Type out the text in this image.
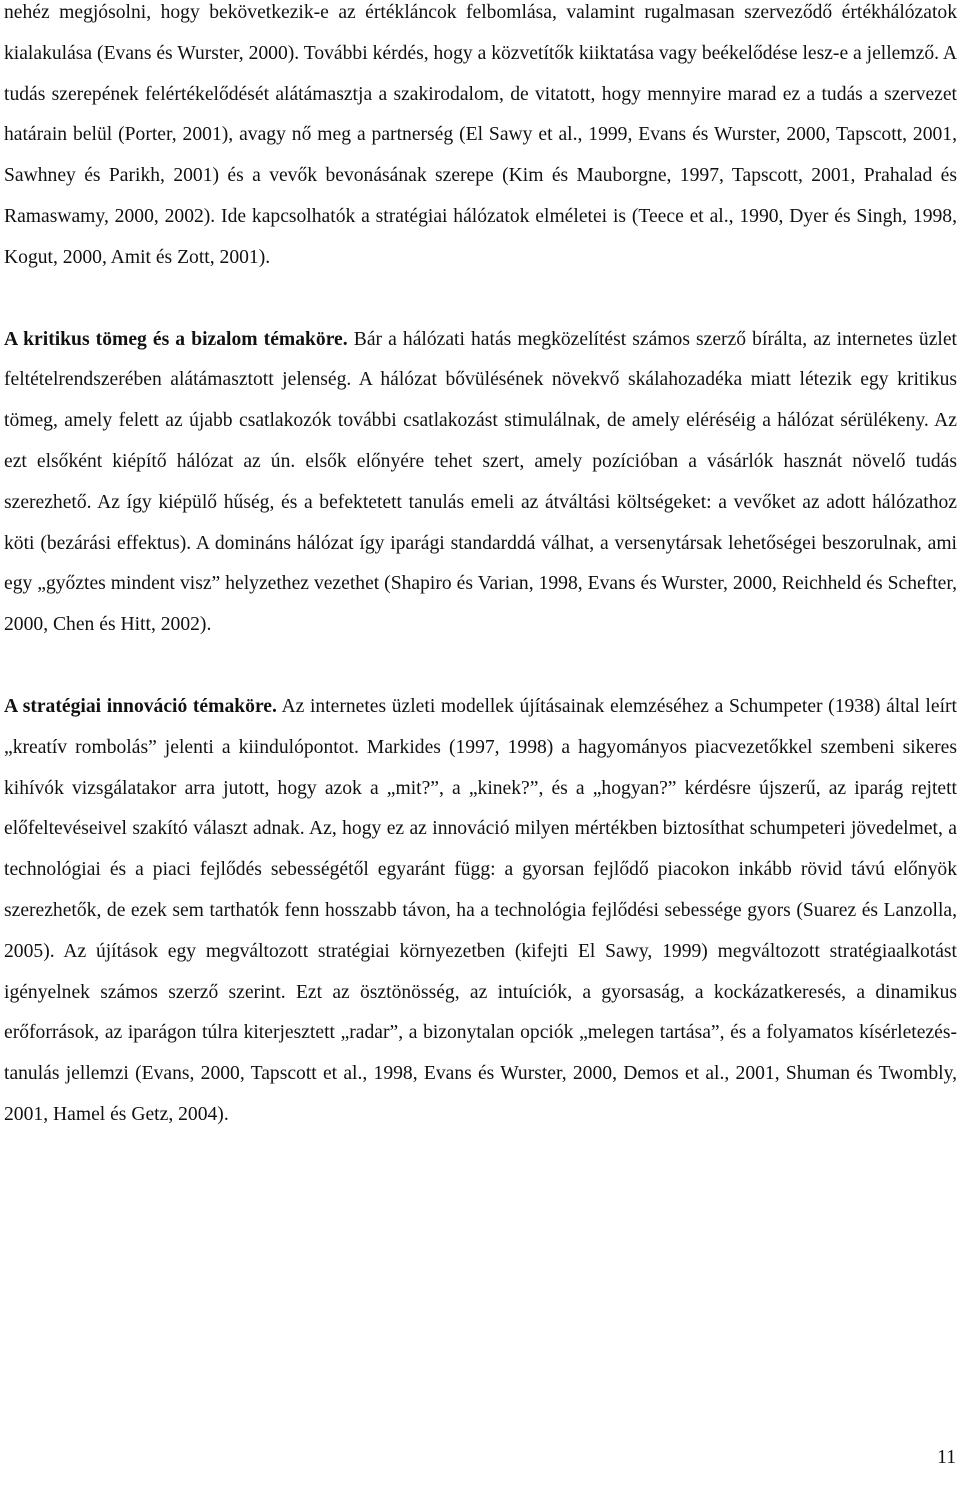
nehéz megjósolni, hogy bekövetkezik-e az értékláncok felbomlása, valamint rugalmasan szerveződő értékhálózatok kialakulása (Evans és Wurster, 2000). További kérdés, hogy a közvetítők kiiktatása vagy beékelődése lesz-e a jellemző. A tudás szerepének felértékelődését alátámasztja a szakirodalom, de vitatott, hogy mennyire marad ez a tudás a szervezet határain belül (Porter, 2001), avagy nő meg a partnerség (El Sawy et al., 1999, Evans és Wurster, 2000, Tapscott, 2001, Sawhney és Parikh, 2001) és a vevők bevonásának szerepe (Kim és Mauborgne, 1997, Tapscott, 2001, Prahalad és Ramaswamy, 2000, 2002). Ide kapcsolhatók a stratégiai hálózatok elméletei is (Teece et al., 1990, Dyer és Singh, 1998, Kogut, 2000, Amit és Zott, 2001).

A kritikus tömeg és a bizalom témaköre. Bár a hálózati hatás megközelítést számos szerző bírálta, az internetes üzlet feltételrendszerében alátámasztott jelenség. A hálózat bővülésének növekvő skálahozadéka miatt létezik egy kritikus tömeg, amely felett az újabb csatlakozók további csatlakozást stimulálnak, de amely eléréséig a hálózat sérülékeny. Az ezt elsőként kiépítő hálózat az ún. elsők előnyére tehet szert, amely pozícióban a vásárlók hasznát növelő tudás szerezhető. Az így kiépülő hűség, és a befektetett tanulás emeli az átváltási költségeket: a vevőket az adott hálózathoz köti (bezárási effektus). A domináns hálózat így iparági standarddá válhat, a versenytársak lehetőségei beszorulnak, ami egy „győztes mindent visz” helyzethez vezethet (Shapiro és Varian, 1998, Evans és Wurster, 2000, Reichheld és Schefter, 2000, Chen és Hitt, 2002).

A stratégiai innováció témaköre. Az internetes üzleti modellek újításainak elemzéséhez a Schumpeter (1938) által leírt „kreatív rombolás” jelenti a kiindulópontot. Markides (1997, 1998) a hagyományos piacvezetőkkel szembeni sikeres kihívók vizsgálatakor arra jutott, hogy azok a „mit?”, a „kinek?”, és a „hogyan?” kérdésre újszerű, az iparág rejtett előfeltevéseivel szakító választ adnak. Az, hogy ez az innováció milyen mértékben biztosíthat schumpeteri jövedelmet, a technológiai és a piaci fejlődés sebességétől egyaránt függ: a gyorsan fejlődő piacokon inkább rövid távú előnyök szerezhetők, de ezek sem tarthatók fenn hosszabb távon, ha a technológia fejlődési sebessége gyors (Suarez és Lanzolla, 2005). Az újítások egy megváltozott stratégiai környezetben (kifejti El Sawy, 1999) megváltozott stratégiaalkotást igényelnek számos szerző szerint. Ezt az ösztönösség, az intuíciók, a gyorsaság, a kockázatkeresés, a dinamikus erőforrások, az iparágon túlra kiterjesztett „radar”, a bizonytalan opciók „melegen tartása”, és a folyamatos kísérletezés-tanulás jellemzi (Evans, 2000, Tapscott et al., 1998, Evans és Wurster, 2000, Demos et al., 2001, Shuman és Twombly, 2001, Hamel és Getz, 2004).

11
